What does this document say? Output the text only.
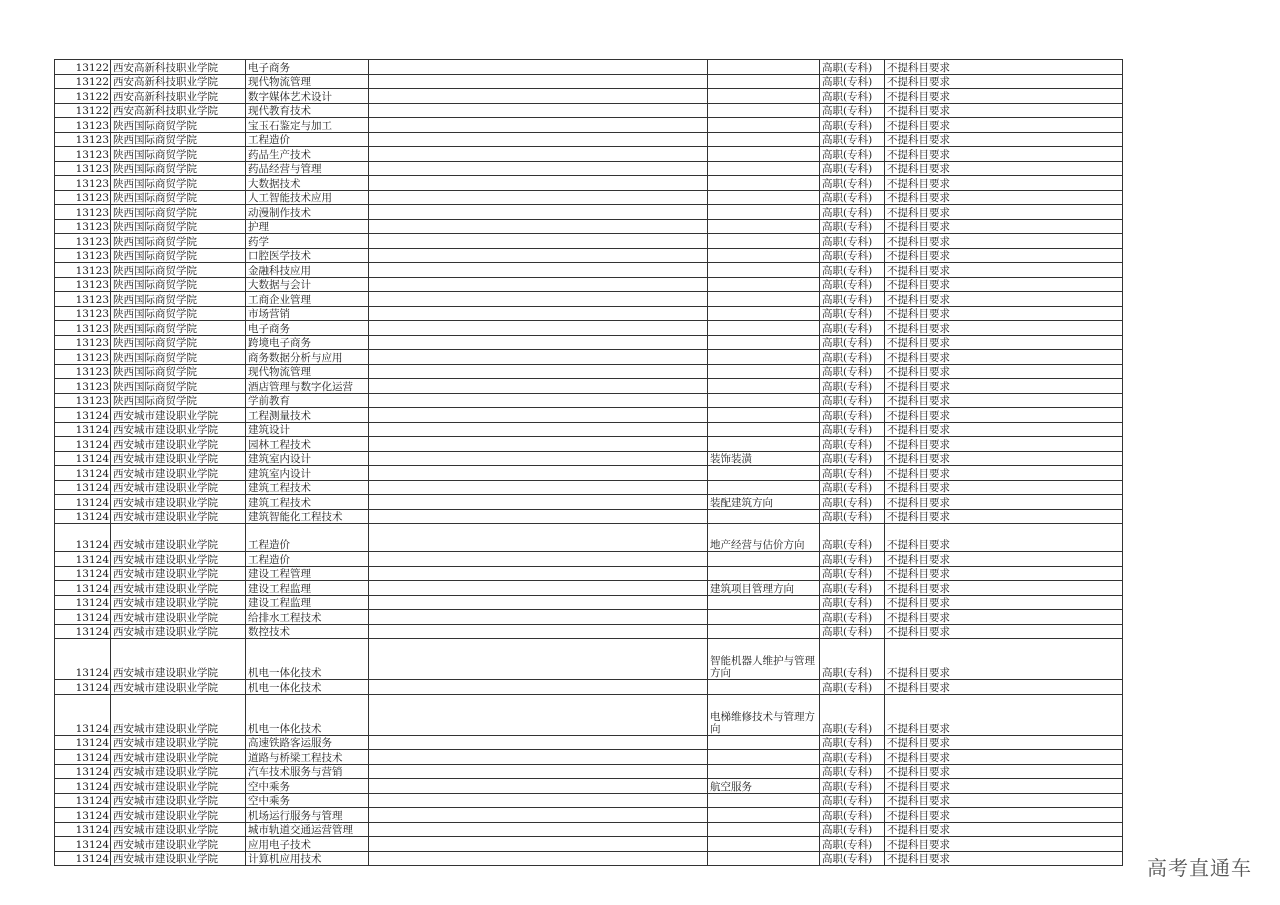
13122	西安高新科技职业学院	电子商务			高职(专科)	不提科目要求
13122	西安高新科技职业学院	现代物流管理			高职(专科)	不提科目要求
13122	西安高新科技职业学院	数字媒体艺术设计			高职(专科)	不提科目要求
13122	西安高新科技职业学院	现代教育技术			高职(专科)	不提科目要求
13123	陕西国际商贸学院	宝玉石鉴定与加工			高职(专科)	不提科目要求
13123	陕西国际商贸学院	工程造价			高职(专科)	不提科目要求
13123	陕西国际商贸学院	药品生产技术			高职(专科)	不提科目要求
13123	陕西国际商贸学院	药品经营与管理			高职(专科)	不提科目要求
13123	陕西国际商贸学院	大数据技术			高职(专科)	不提科目要求
13123	陕西国际商贸学院	人工智能技术应用			高职(专科)	不提科目要求
13123	陕西国际商贸学院	动漫制作技术			高职(专科)	不提科目要求
13123	陕西国际商贸学院	护理			高职(专科)	不提科目要求
13123	陕西国际商贸学院	药学			高职(专科)	不提科目要求
13123	陕西国际商贸学院	口腔医学技术			高职(专科)	不提科目要求
13123	陕西国际商贸学院	金融科技应用			高职(专科)	不提科目要求
13123	陕西国际商贸学院	大数据与会计			高职(专科)	不提科目要求
13123	陕西国际商贸学院	工商企业管理			高职(专科)	不提科目要求
13123	陕西国际商贸学院	市场营销			高职(专科)	不提科目要求
13123	陕西国际商贸学院	电子商务			高职(专科)	不提科目要求
13123	陕西国际商贸学院	跨境电子商务			高职(专科)	不提科目要求
13123	陕西国际商贸学院	商务数据分析与应用			高职(专科)	不提科目要求
13123	陕西国际商贸学院	现代物流管理			高职(专科)	不提科目要求
13123	陕西国际商贸学院	酒店管理与数字化运营			高职(专科)	不提科目要求
13123	陕西国际商贸学院	学前教育			高职(专科)	不提科目要求
13124	西安城市建设职业学院	工程测量技术			高职(专科)	不提科目要求
13124	西安城市建设职业学院	建筑设计			高职(专科)	不提科目要求
13124	西安城市建设职业学院	园林工程技术			高职(专科)	不提科目要求
13124	西安城市建设职业学院	建筑室内设计		装饰装潢	高职(专科)	不提科目要求
13124	西安城市建设职业学院	建筑室内设计			高职(专科)	不提科目要求
13124	西安城市建设职业学院	建筑工程技术			高职(专科)	不提科目要求
13124	西安城市建设职业学院	建筑工程技术		装配建筑方向	高职(专科)	不提科目要求
13124	西安城市建设职业学院	建筑智能化工程技术			高职(专科)	不提科目要求
13124	西安城市建设职业学院	工程造价		地产经营与估价方向	高职(专科)	不提科目要求
13124	西安城市建设职业学院	工程造价			高职(专科)	不提科目要求
13124	西安城市建设职业学院	建设工程管理			高职(专科)	不提科目要求
13124	西安城市建设职业学院	建设工程监理		建筑项目管理方向	高职(专科)	不提科目要求
13124	西安城市建设职业学院	建设工程监理			高职(专科)	不提科目要求
13124	西安城市建设职业学院	给排水工程技术			高职(专科)	不提科目要求
13124	西安城市建设职业学院	数控技术			高职(专科)	不提科目要求
13124	西安城市建设职业学院	机电一体化技术		智能机器人维护与管理方向	高职(专科)	不提科目要求
13124	西安城市建设职业学院	机电一体化技术			高职(专科)	不提科目要求
13124	西安城市建设职业学院	机电一体化技术		电梯维修技术与管理方向	高职(专科)	不提科目要求
13124	西安城市建设职业学院	高速铁路客运服务			高职(专科)	不提科目要求
13124	西安城市建设职业学院	道路与桥梁工程技术			高职(专科)	不提科目要求
13124	西安城市建设职业学院	汽车技术服务与营销			高职(专科)	不提科目要求
13124	西安城市建设职业学院	空中乘务		航空服务	高职(专科)	不提科目要求
13124	西安城市建设职业学院	空中乘务			高职(专科)	不提科目要求
13124	西安城市建设职业学院	机场运行服务与管理			高职(专科)	不提科目要求
13124	西安城市建设职业学院	城市轨道交通运营管理			高职(专科)	不提科目要求
13124	西安城市建设职业学院	应用电子技术			高职(专科)	不提科目要求
13124	西安城市建设职业学院	计算机应用技术			高职(专科)	不提科目要求	高考直通车
